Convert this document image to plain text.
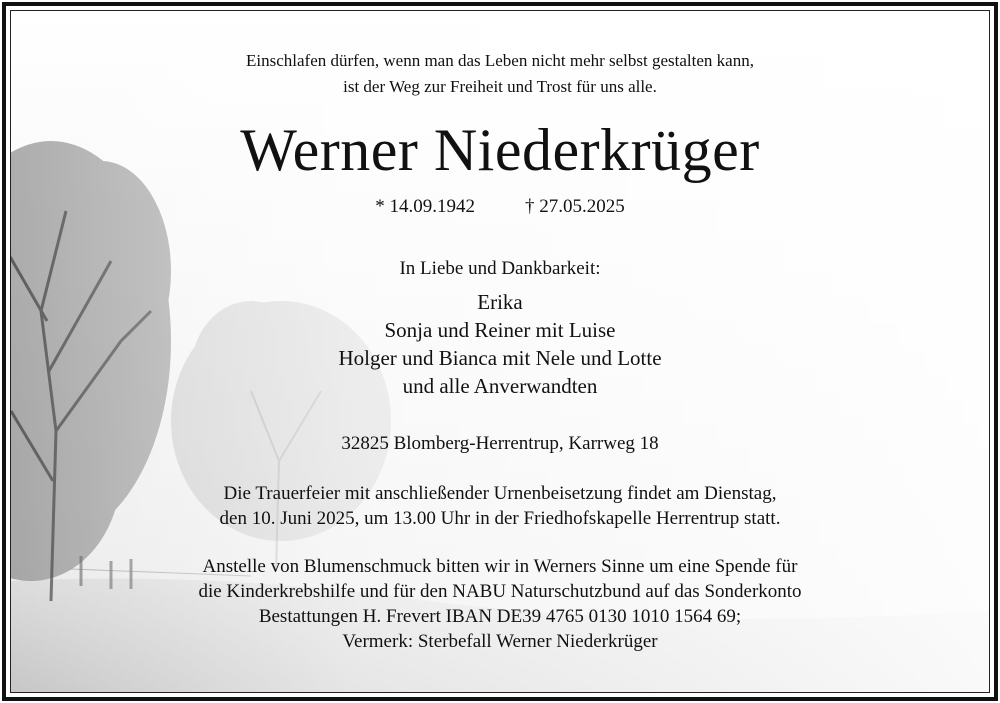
Einschlafen dürfen, wenn man das Leben nicht mehr selbst gestalten kann,
ist der Weg zur Freiheit und Trost für uns alle.
Werner Niederkrüger
* 14.09.1942	† 27.05.2025
In Liebe und Dankbarkeit:
Erika
Sonja und Reiner mit Luise
Holger und Bianca mit Nele und Lotte
und alle Anverwandten
32825 Blomberg-Herrentrup, Karrweg 18
Die Trauerfeier mit anschließender Urnenbeisetzung findet am Dienstag,
den 10. Juni 2025, um 13.00 Uhr in der Friedhofskapelle Herrentrup statt.
Anstelle von Blumenschmuck bitten wir in Werners Sinne um eine Spende für
die Kinderkrebshilfe und für den NABU Naturschutzbund auf das Sonderkonto
Bestattungen H. Frevert IBAN DE39 4765 0130 1010 1564 69;
Vermerk: Sterbefall Werner Niederkrüger
